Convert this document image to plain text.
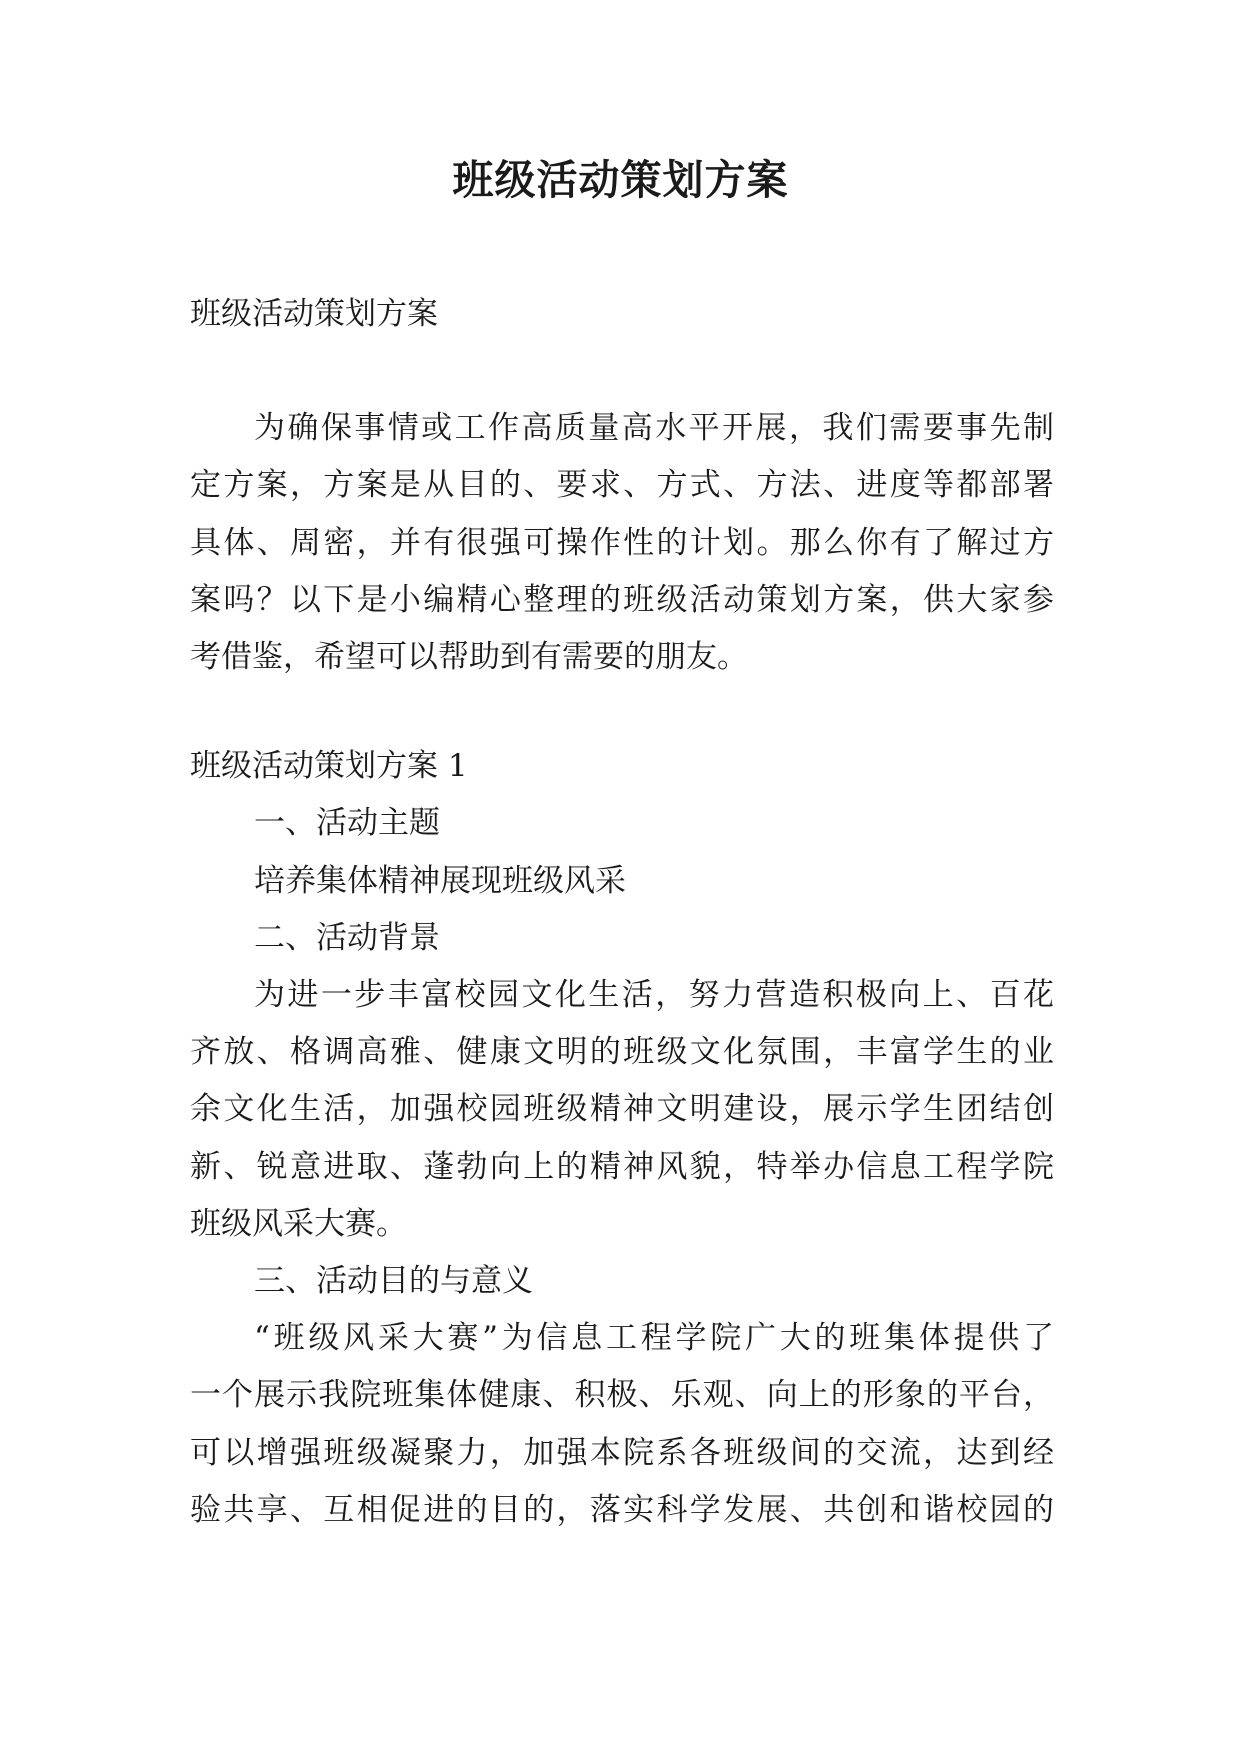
班级活动策划方案

班级活动策划方案

为确保事情或工作高质量高水平开展，我们需要事先制
定方案，方案是从目的、要求、方式、方法、进度等都部署
具体、周密，并有很强可操作性的计划。那么你有了解过方
案吗？以下是小编精心整理的班级活动策划方案，供大家参
考借鉴，希望可以帮助到有需要的朋友。

班级活动策划方案 1

一、活动主题

培养集体精神展现班级风采

二、活动背景

为进一步丰富校园文化生活，努力营造积极向上、百花
齐放、格调高雅、健康文明的班级文化氛围，丰富学生的业
余文化生活，加强校园班级精神文明建设，展示学生团结创
新、锐意进取、蓬勃向上的精神风貌，特举办信息工程学院
班级风采大赛。

三、活动目的与意义

“班级风采大赛”为信息工程学院广大的班集体提供了
一个展示我院班集体健康、积极、乐观、向上的形象的平台，
可以增强班级凝聚力，加强本院系各班级间的交流，达到经
验共享、互相促进的目的，落实科学发展、共创和谐校园的
